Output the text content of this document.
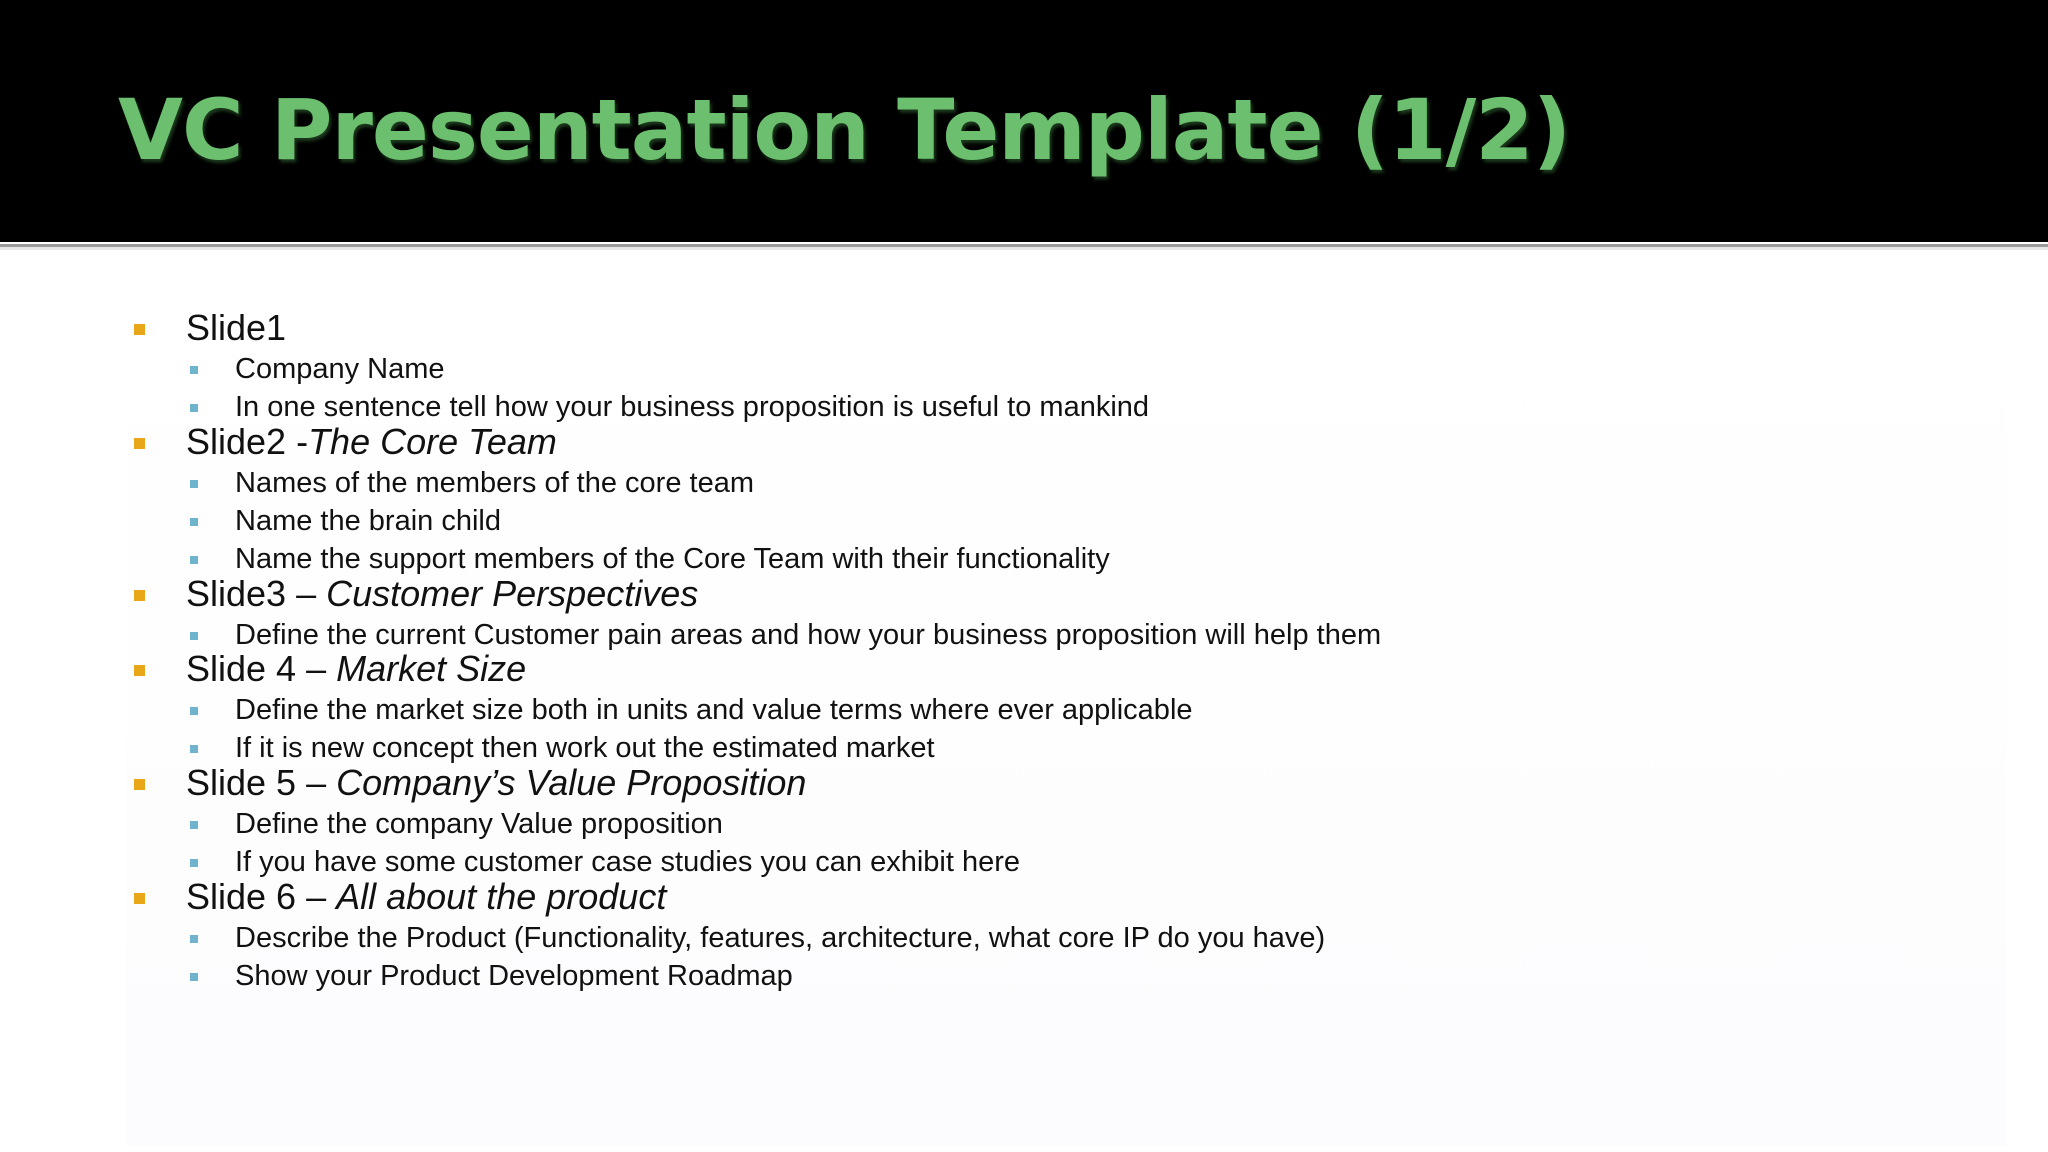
VC Presentation Template (1/2)
Slide1
Company Name
In one sentence tell how your business proposition is useful to mankind
Slide2 -The Core Team
Names of the members of the core team
Name the brain child
Name the support members of the Core Team with their functionality
Slide3 – Customer Perspectives
Define the current Customer pain areas and how your business proposition will help them
Slide 4 – Market Size
Define the market size both in units and value terms where ever applicable
If it is new concept then work out the estimated market
Slide 5 – Company’s Value Proposition
Define the company Value proposition
If you have some customer case studies you can exhibit here
Slide 6 – All about the product
Describe the Product (Functionality, features, architecture, what core IP do you have)
Show your Product Development Roadmap
